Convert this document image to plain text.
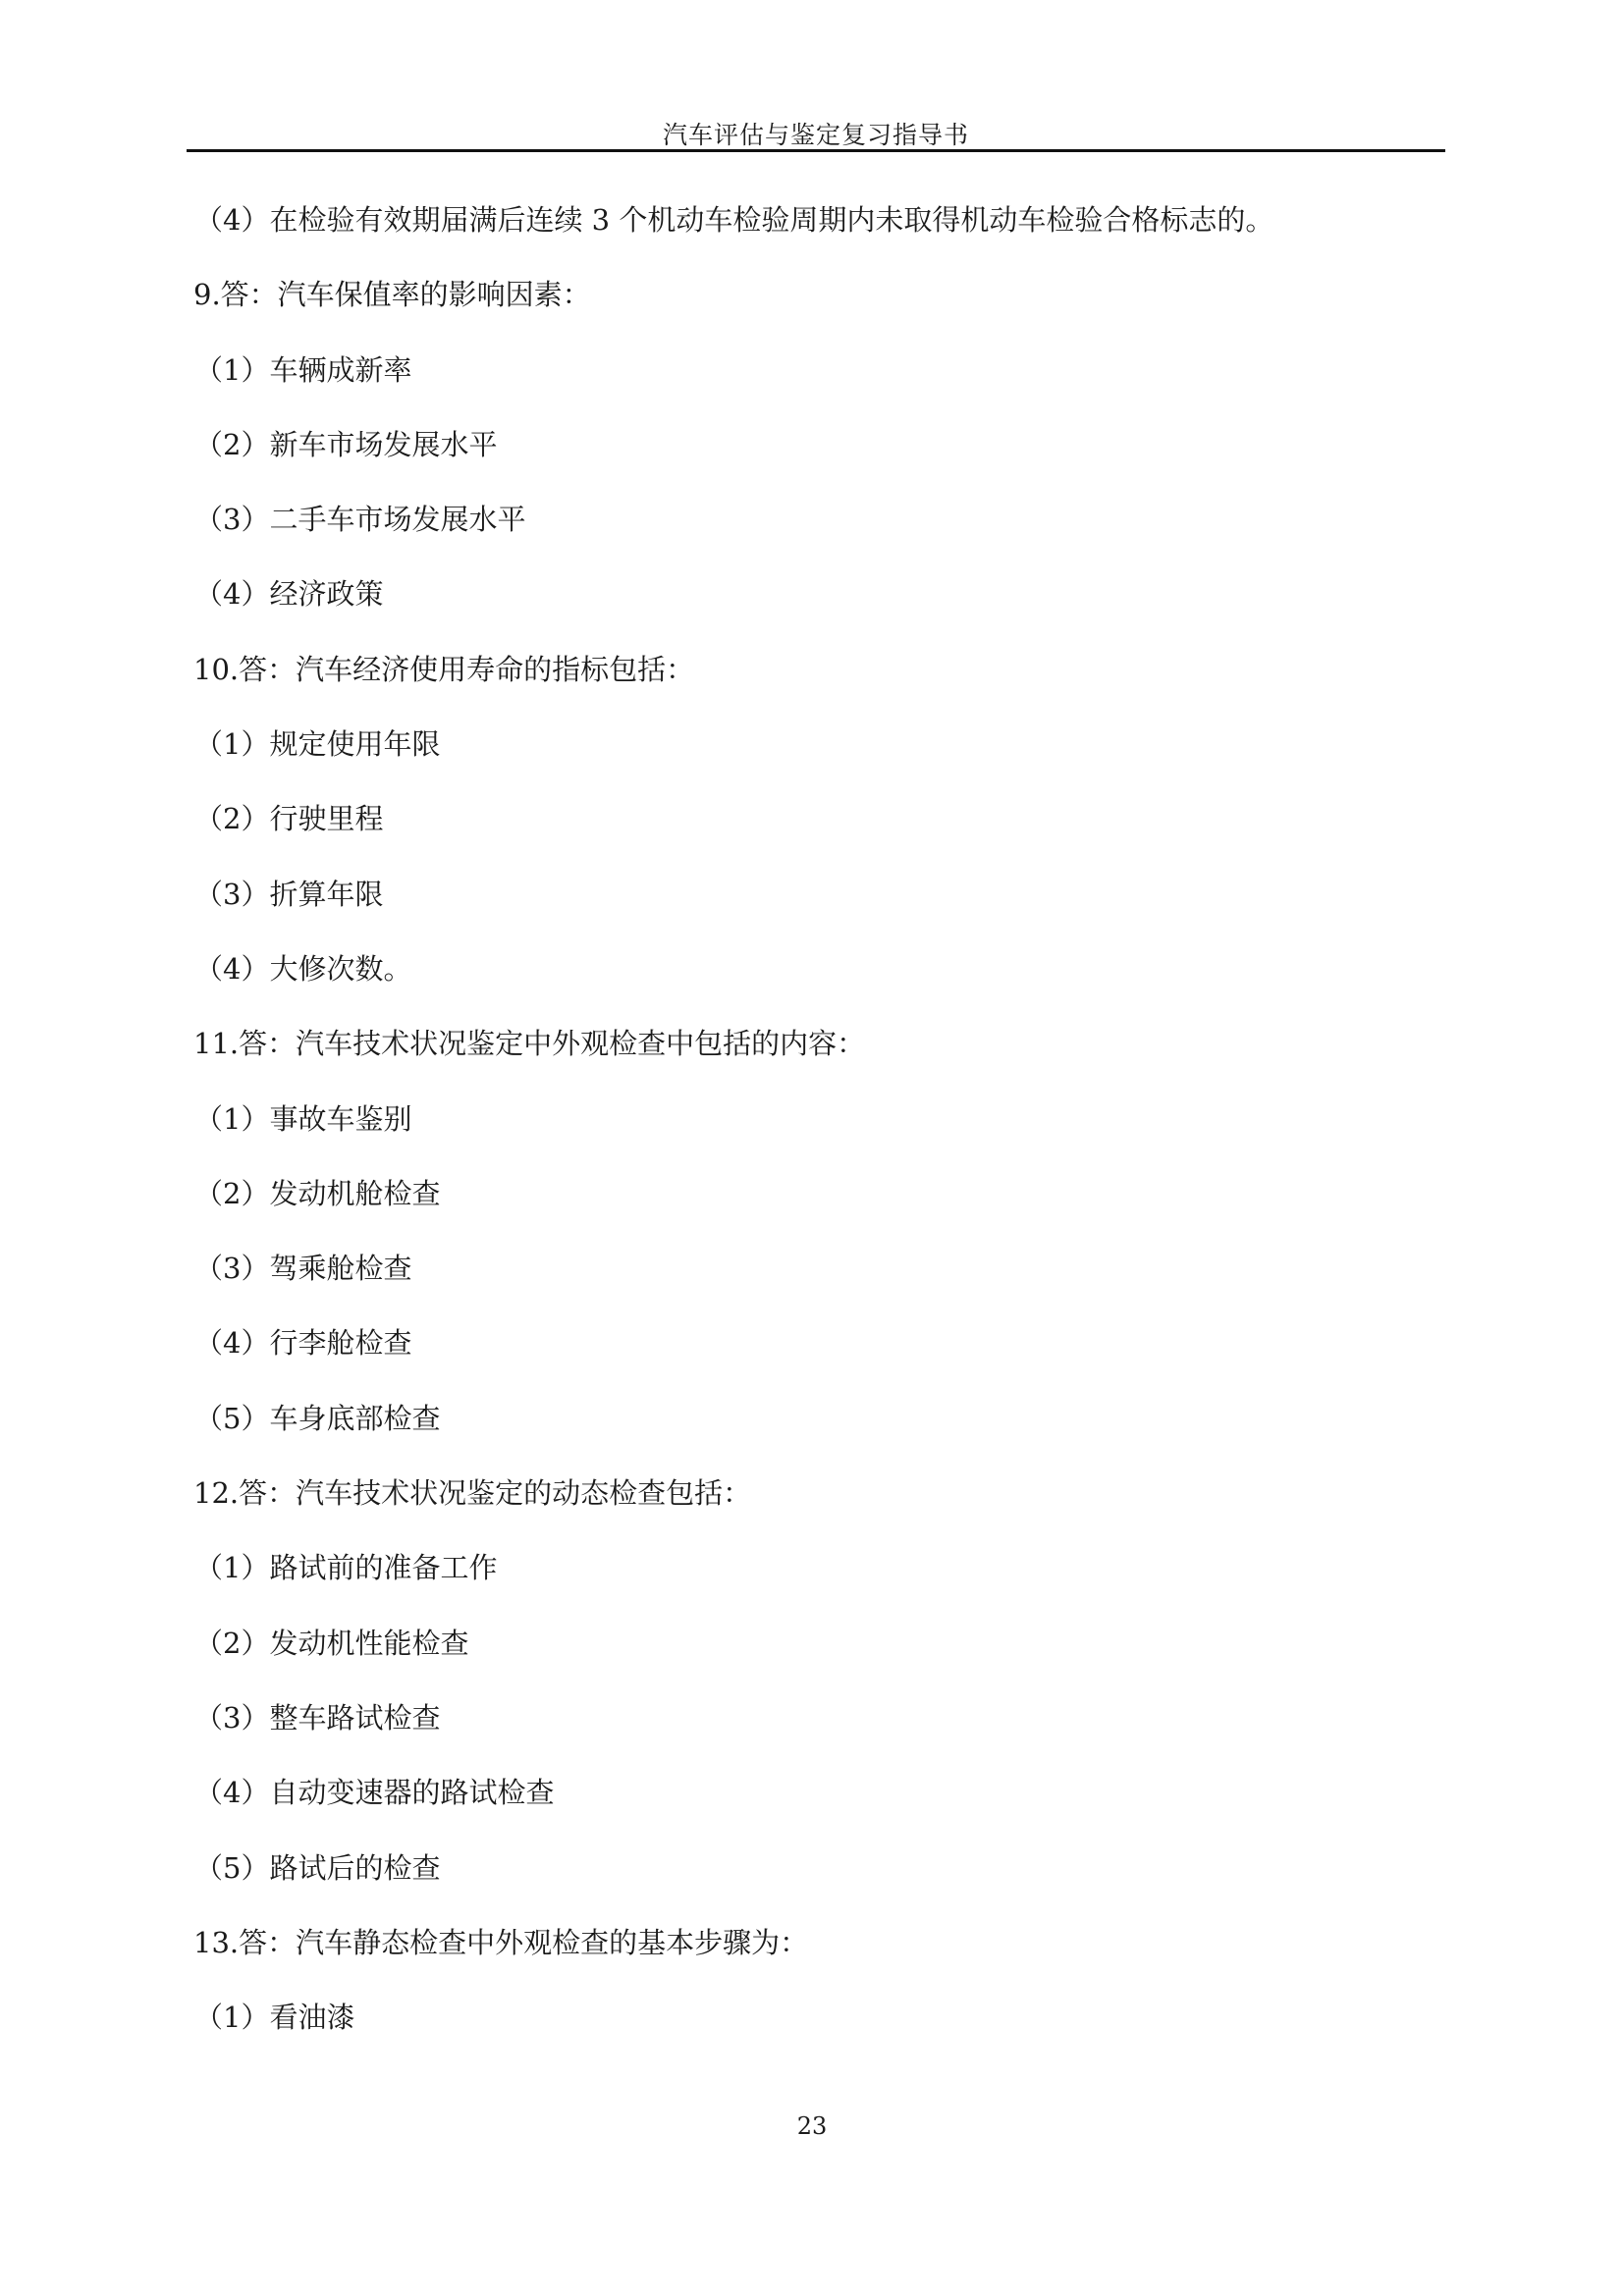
汽车评估与鉴定复习指导书
（4）在检验有效期届满后连续 3 个机动车检验周期内未取得机动车检验合格标志的。
9.答：汽车保值率的影响因素：
（1）车辆成新率
（2）新车市场发展水平
（3）二手车市场发展水平
（4）经济政策
10.答：汽车经济使用寿命的指标包括：
（1）规定使用年限
（2）行驶里程
（3）折算年限
（4）大修次数。
11.答：汽车技术状况鉴定中外观检查中包括的内容：
（1）事故车鉴别
（2）发动机舱检查
（3）驾乘舱检查
（4）行李舱检查
（5）车身底部检查
12.答：汽车技术状况鉴定的动态检查包括：
（1）路试前的准备工作
（2）发动机性能检查
（3）整车路试检查
（4）自动变速器的路试检查
（5）路试后的检查
13.答：汽车静态检查中外观检查的基本步骤为：
（1）看油漆
23
